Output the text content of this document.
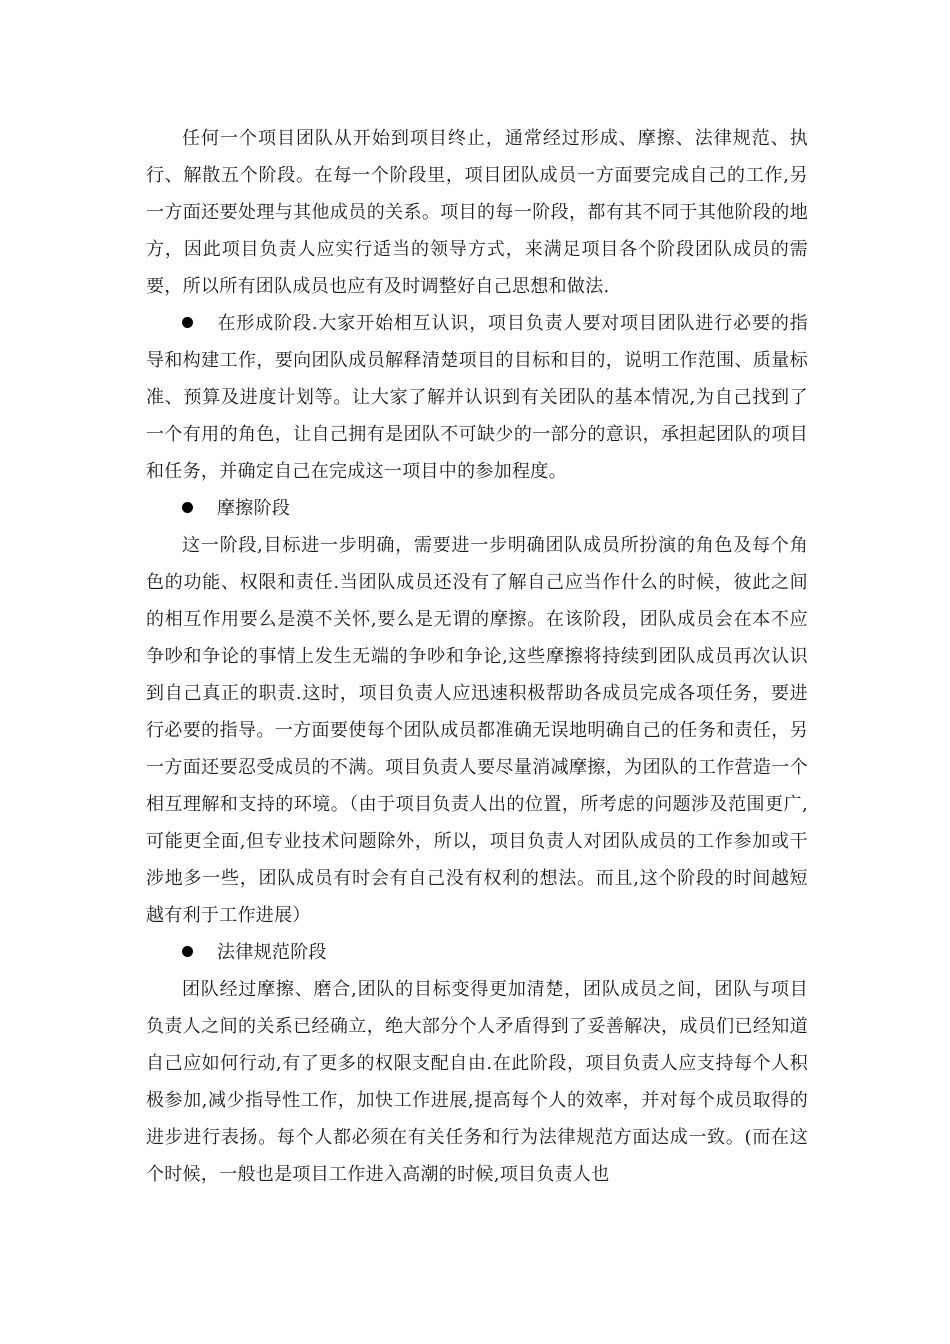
任何一个项目团队从开始到项目终止，通常经过形成、摩擦、法律规范、执行、解散五个阶段。在每一个阶段里，项目团队成员一方面要完成自己的工作,另一方面还要处理与其他成员的关系。项目的每一阶段，都有其不同于其他阶段的地方，因此项目负责人应实行适当的领导方式，来满足项目各个阶段团队成员的需要，所以所有团队成员也应有及时调整好自己思想和做法.

在形成阶段.大家开始相互认识，项目负责人要对项目团队进行必要的指导和构建工作，要向团队成员解释清楚项目的目标和目的，说明工作范围、质量标准、预算及进度计划等。让大家了解并认识到有关团队的基本情况,为自己找到了一个有用的角色，让自己拥有是团队不可缺少的一部分的意识，承担起团队的项目和任务，并确定自己在完成这一项目中的参加程度。

摩擦阶段

这一阶段,目标进一步明确，需要进一步明确团队成员所扮演的角色及每个角色的功能、权限和责任.当团队成员还没有了解自己应当作什么的时候，彼此之间的相互作用要么是漠不关怀,要么是无谓的摩擦。在该阶段，团队成员会在本不应争吵和争论的事情上发生无端的争吵和争论,这些摩擦将持续到团队成员再次认识到自己真正的职责.这时，项目负责人应迅速积极帮助各成员完成各项任务，要进行必要的指导。一方面要使每个团队成员都准确无误地明确自己的任务和责任，另一方面还要忍受成员的不满。项目负责人要尽量消减摩擦，为团队的工作营造一个相互理解和支持的环境。（由于项目负责人出的位置，所考虑的问题涉及范围更广,可能更全面,但专业技术问题除外，所以，项目负责人对团队成员的工作参加或干涉地多一些，团队成员有时会有自己没有权利的想法。而且,这个阶段的时间越短越有利于工作进展）

法律规范阶段

团队经过摩擦、磨合,团队的目标变得更加清楚，团队成员之间，团队与项目负责人之间的关系已经确立，绝大部分个人矛盾得到了妥善解决，成员们已经知道自己应如何行动,有了更多的权限支配自由.在此阶段，项目负责人应支持每个人积极参加,减少指导性工作，加快工作进展,提高每个人的效率，并对每个成员取得的进步进行表扬。每个人都必须在有关任务和行为法律规范方面达成一致。(而在这个时候，一般也是项目工作进入高潮的时候,项目负责人也
